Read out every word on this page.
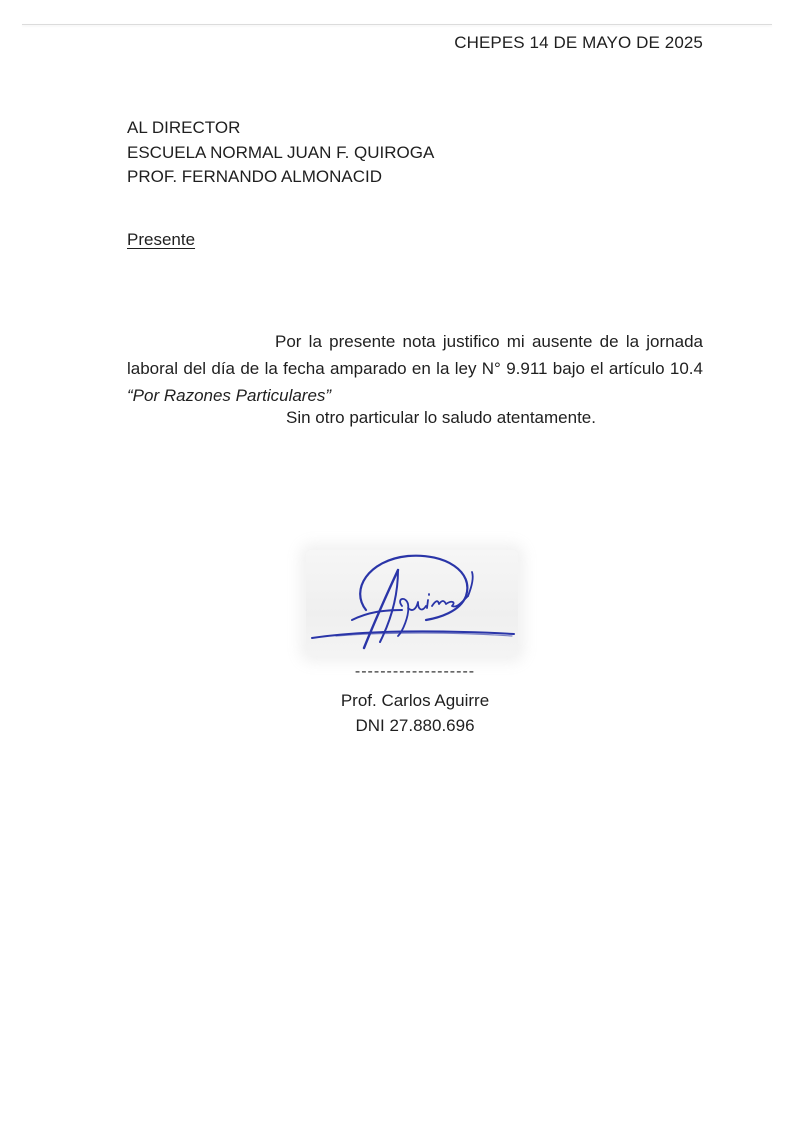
CHEPES 14 DE MAYO DE 2025
AL DIRECTOR
ESCUELA NORMAL JUAN F. QUIROGA
PROF. FERNANDO ALMONACID
Presente

Por la presente nota justifico mi ausente de la jornada laboral del día de la fecha amparado en la ley N° 9.911 bajo el artículo 10.4 “Por Razones Particulares”

Sin otro particular lo saludo atentamente.
-------------------
Prof. Carlos Aguirre
DNI 27.880.696
